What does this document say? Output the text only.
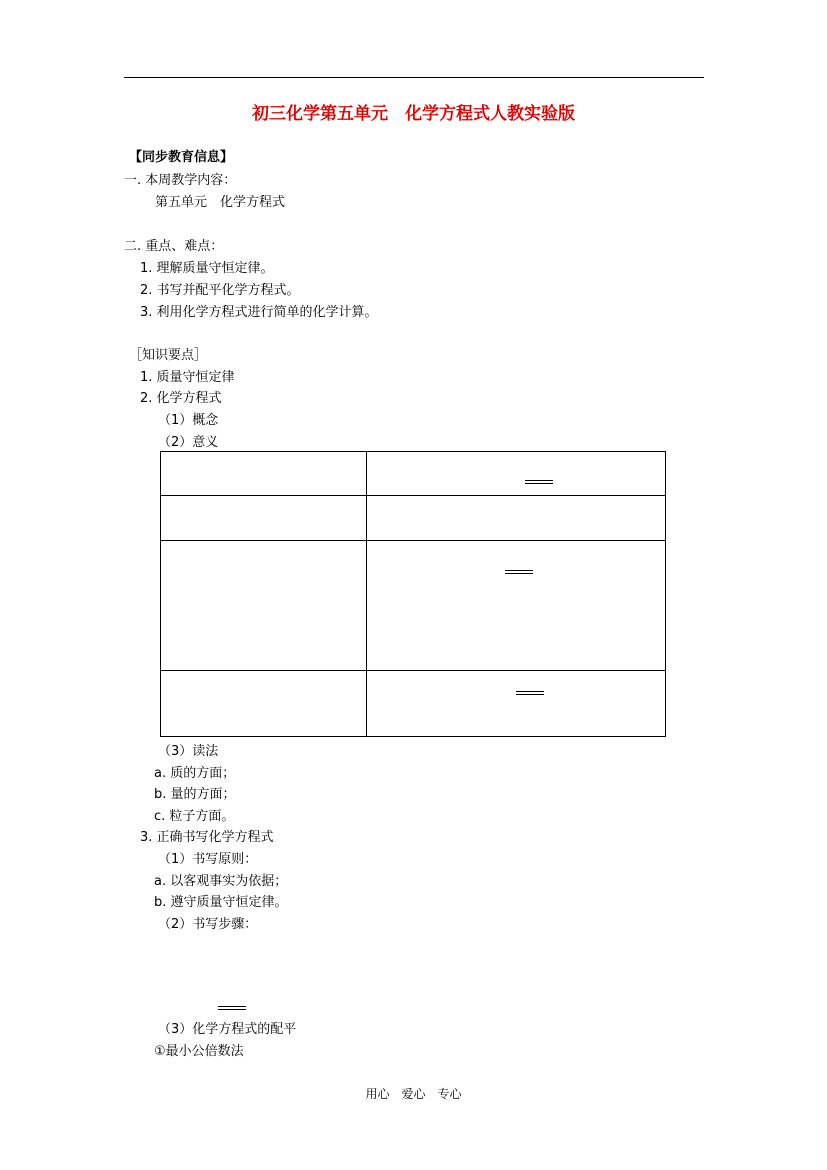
初三化学第五单元　化学方程式人教实验版
【同步教育信息】
一. 本周教学内容：
第五单元　化学方程式
二. 重点、难点：
1. 理解质量守恒定律。
2. 书写并配平化学方程式。
3. 利用化学方程式进行简单的化学计算。
［知识要点］
1. 质量守恒定律
2. 化学方程式
（1）概念
（2）意义

（3）读法
a. 质的方面；
b. 量的方面；
c. 粒子方面。
3. 正确书写化学方程式
（1）书写原则：
a. 以客观事实为依据；
b. 遵守质量守恒定律。
（2）书写步骤：
（3）化学方程式的配平
①最小公倍数法
用心　爱心　专心
